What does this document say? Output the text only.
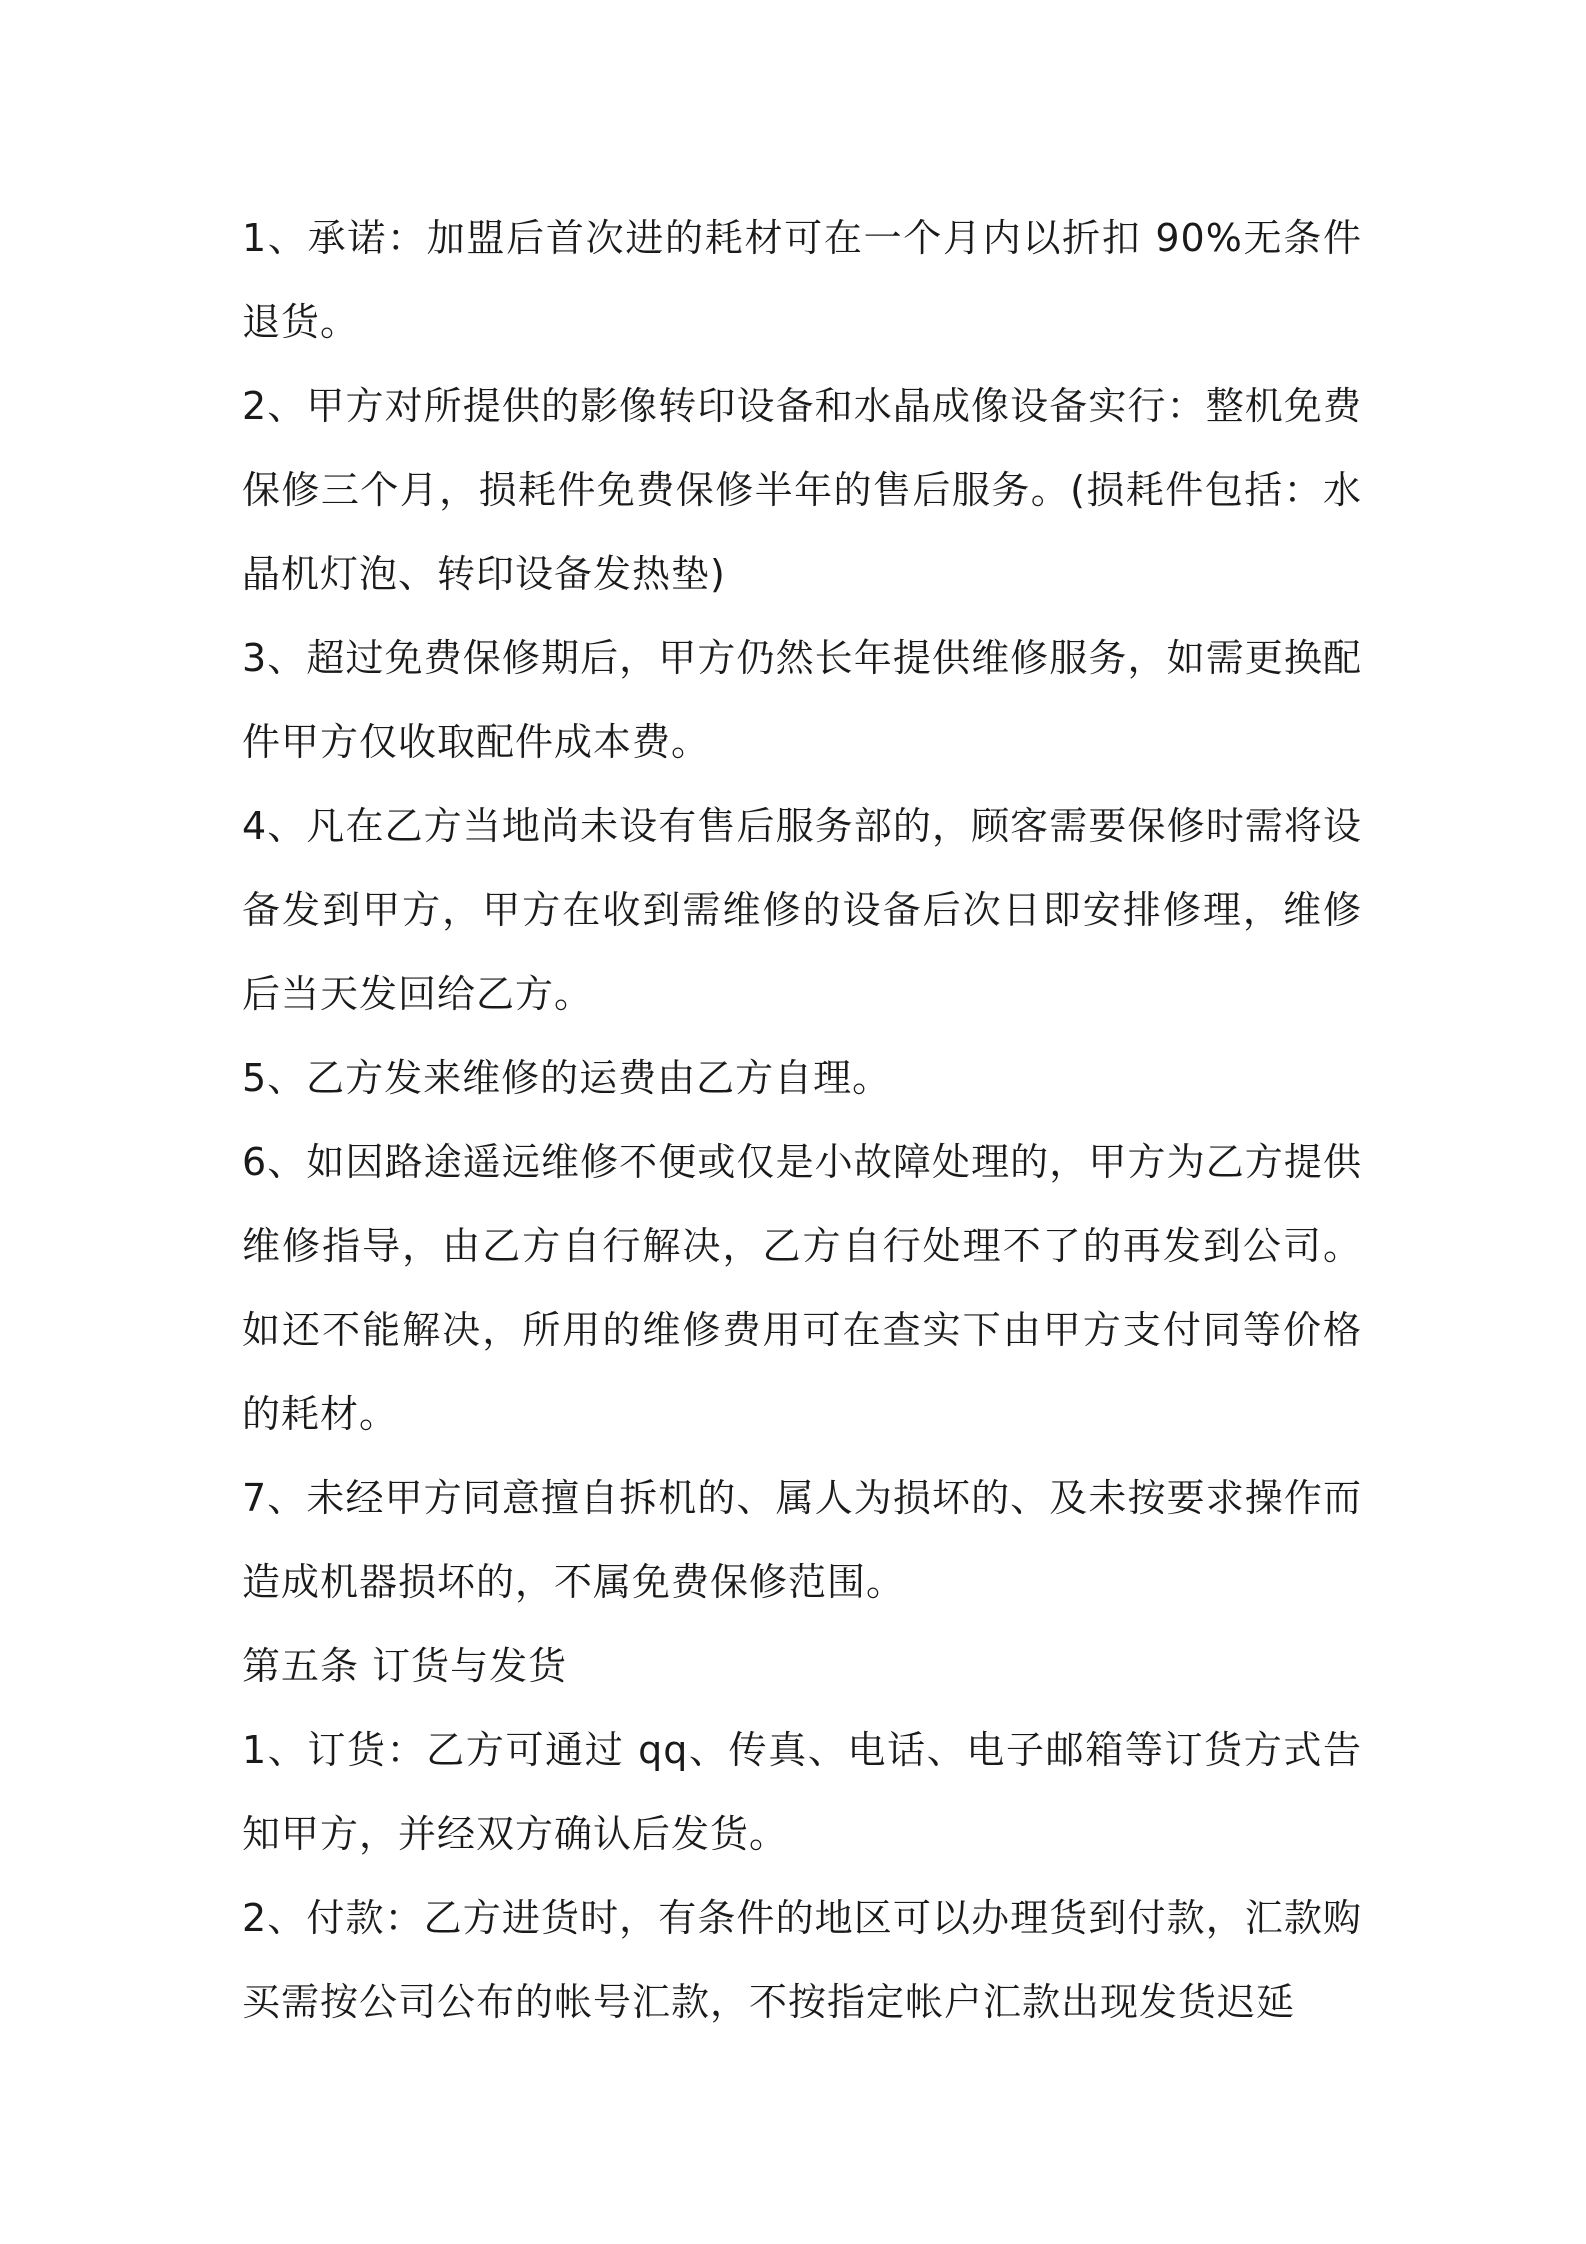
1、承诺：加盟后首次进的耗材可在一个月内以折扣 90%无条件退货。

2、甲方对所提供的影像转印设备和水晶成像设备实行：整机免费保修三个月，损耗件免费保修半年的售后服务。(损耗件包括：水晶机灯泡、转印设备发热垫)

3、超过免费保修期后，甲方仍然长年提供维修服务，如需更换配件甲方仅收取配件成本费。

4、凡在乙方当地尚未设有售后服务部的，顾客需要保修时需将设备发到甲方，甲方在收到需维修的设备后次日即安排修理，维修后当天发回给乙方。

5、乙方发来维修的运费由乙方自理。

6、如因路途遥远维修不便或仅是小故障处理的，甲方为乙方提供维修指导，由乙方自行解决，乙方自行处理不了的再发到公司。如还不能解决，所用的维修费用可在查实下由甲方支付同等价格的耗材。

7、未经甲方同意擅自拆机的、属人为损坏的、及未按要求操作而造成机器损坏的，不属免费保修范围。

第五条 订货与发货

1、订货：乙方可通过 qq、传真、电话、电子邮箱等订货方式告知甲方，并经双方确认后发货。

2、付款：乙方进货时，有条件的地区可以办理货到付款，汇款购买需按公司公布的帐号汇款，不按指定帐户汇款出现发货迟延
